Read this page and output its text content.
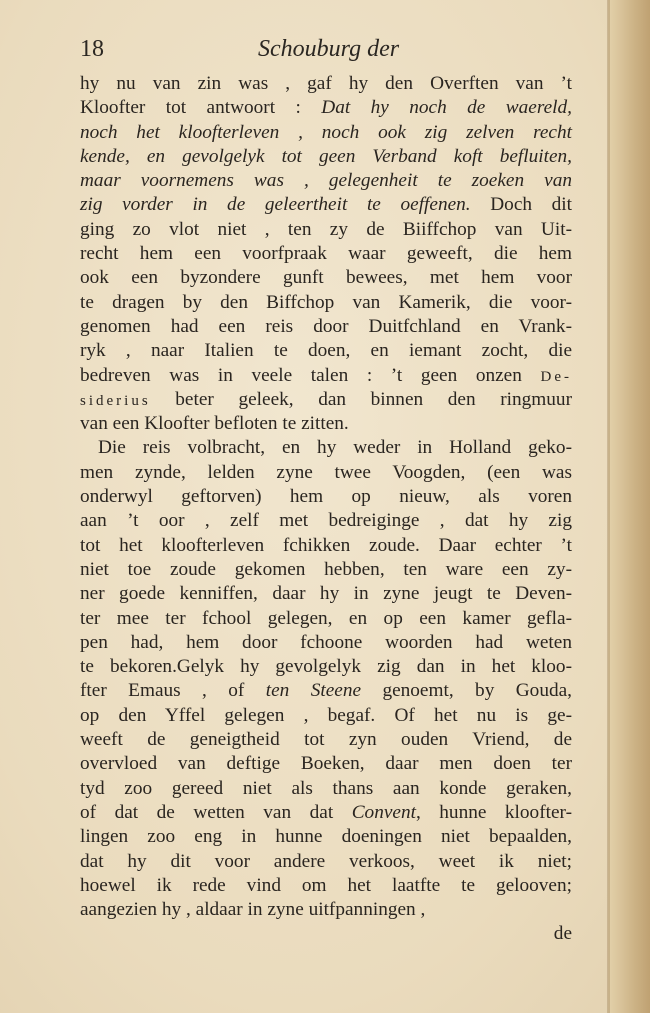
18	Schouburg der
hy nu van zin was , gaf hy den Overften van ’t
Kloofter tot antwoort : Dat hy noch de waereld,
noch het kloofterleven , noch ook zig zelven recht
kende, en gevolgelyk tot geen Verband koft befluiten,
maar voornemens was , gelegenheit te zoeken van
zig vorder in de geleertheit te oeffenen. Doch dit
ging zo vlot niet , ten zy de Biiffchop van Uit-
recht hem een voorfpraak waar geweeft, die hem
ook een byzondere gunft bewees, met hem voor
te dragen by den Biffchop van Kamerik, die voor-
genomen had een reis door Duitfchland en Vrank-
ryk , naar Italien te doen, en iemant zocht, die
bedreven was in veele talen : ’t geen onzen De-
siderius beter geleek, dan binnen den ringmuur
van een Kloofter befloten te zitten.
Die reis volbracht, en hy weder in Holland geko-
men zynde, lelden zyne twee Voogden, (een was
onderwyl geftorven) hem op nieuw, als voren
aan ’t oor , zelf met bedreiginge , dat hy zig
tot het kloofterleven fchikken zoude. Daar echter ’t
niet toe zoude gekomen hebben, ten ware een zy-
ner goede kenniffen, daar hy in zyne jeugt te Deven-
ter mee ter fchool gelegen, en op een kamer gefla-
pen had, hem door fchoone woorden had weten
te bekoren.Gelyk hy gevolgelyk zig dan in het kloo-
fter Emaus , of ten Steene genoemt, by Gouda,
op den Yffel gelegen , begaf. Of het nu is ge-
weeft de geneigtheid tot zyn ouden Vriend, de
overvloed van deftige Boeken, daar men doen ter
tyd zoo gereed niet als thans aan konde geraken,
of dat de wetten van dat Convent, hunne kloofter-
lingen zoo eng in hunne doeningen niet bepaalden,
dat hy dit voor andere verkoos, weet ik niet;
hoewel ik rede vind om het laatfte te gelooven;
aangezien hy , aldaar in zyne uitfpanningen ,
de
